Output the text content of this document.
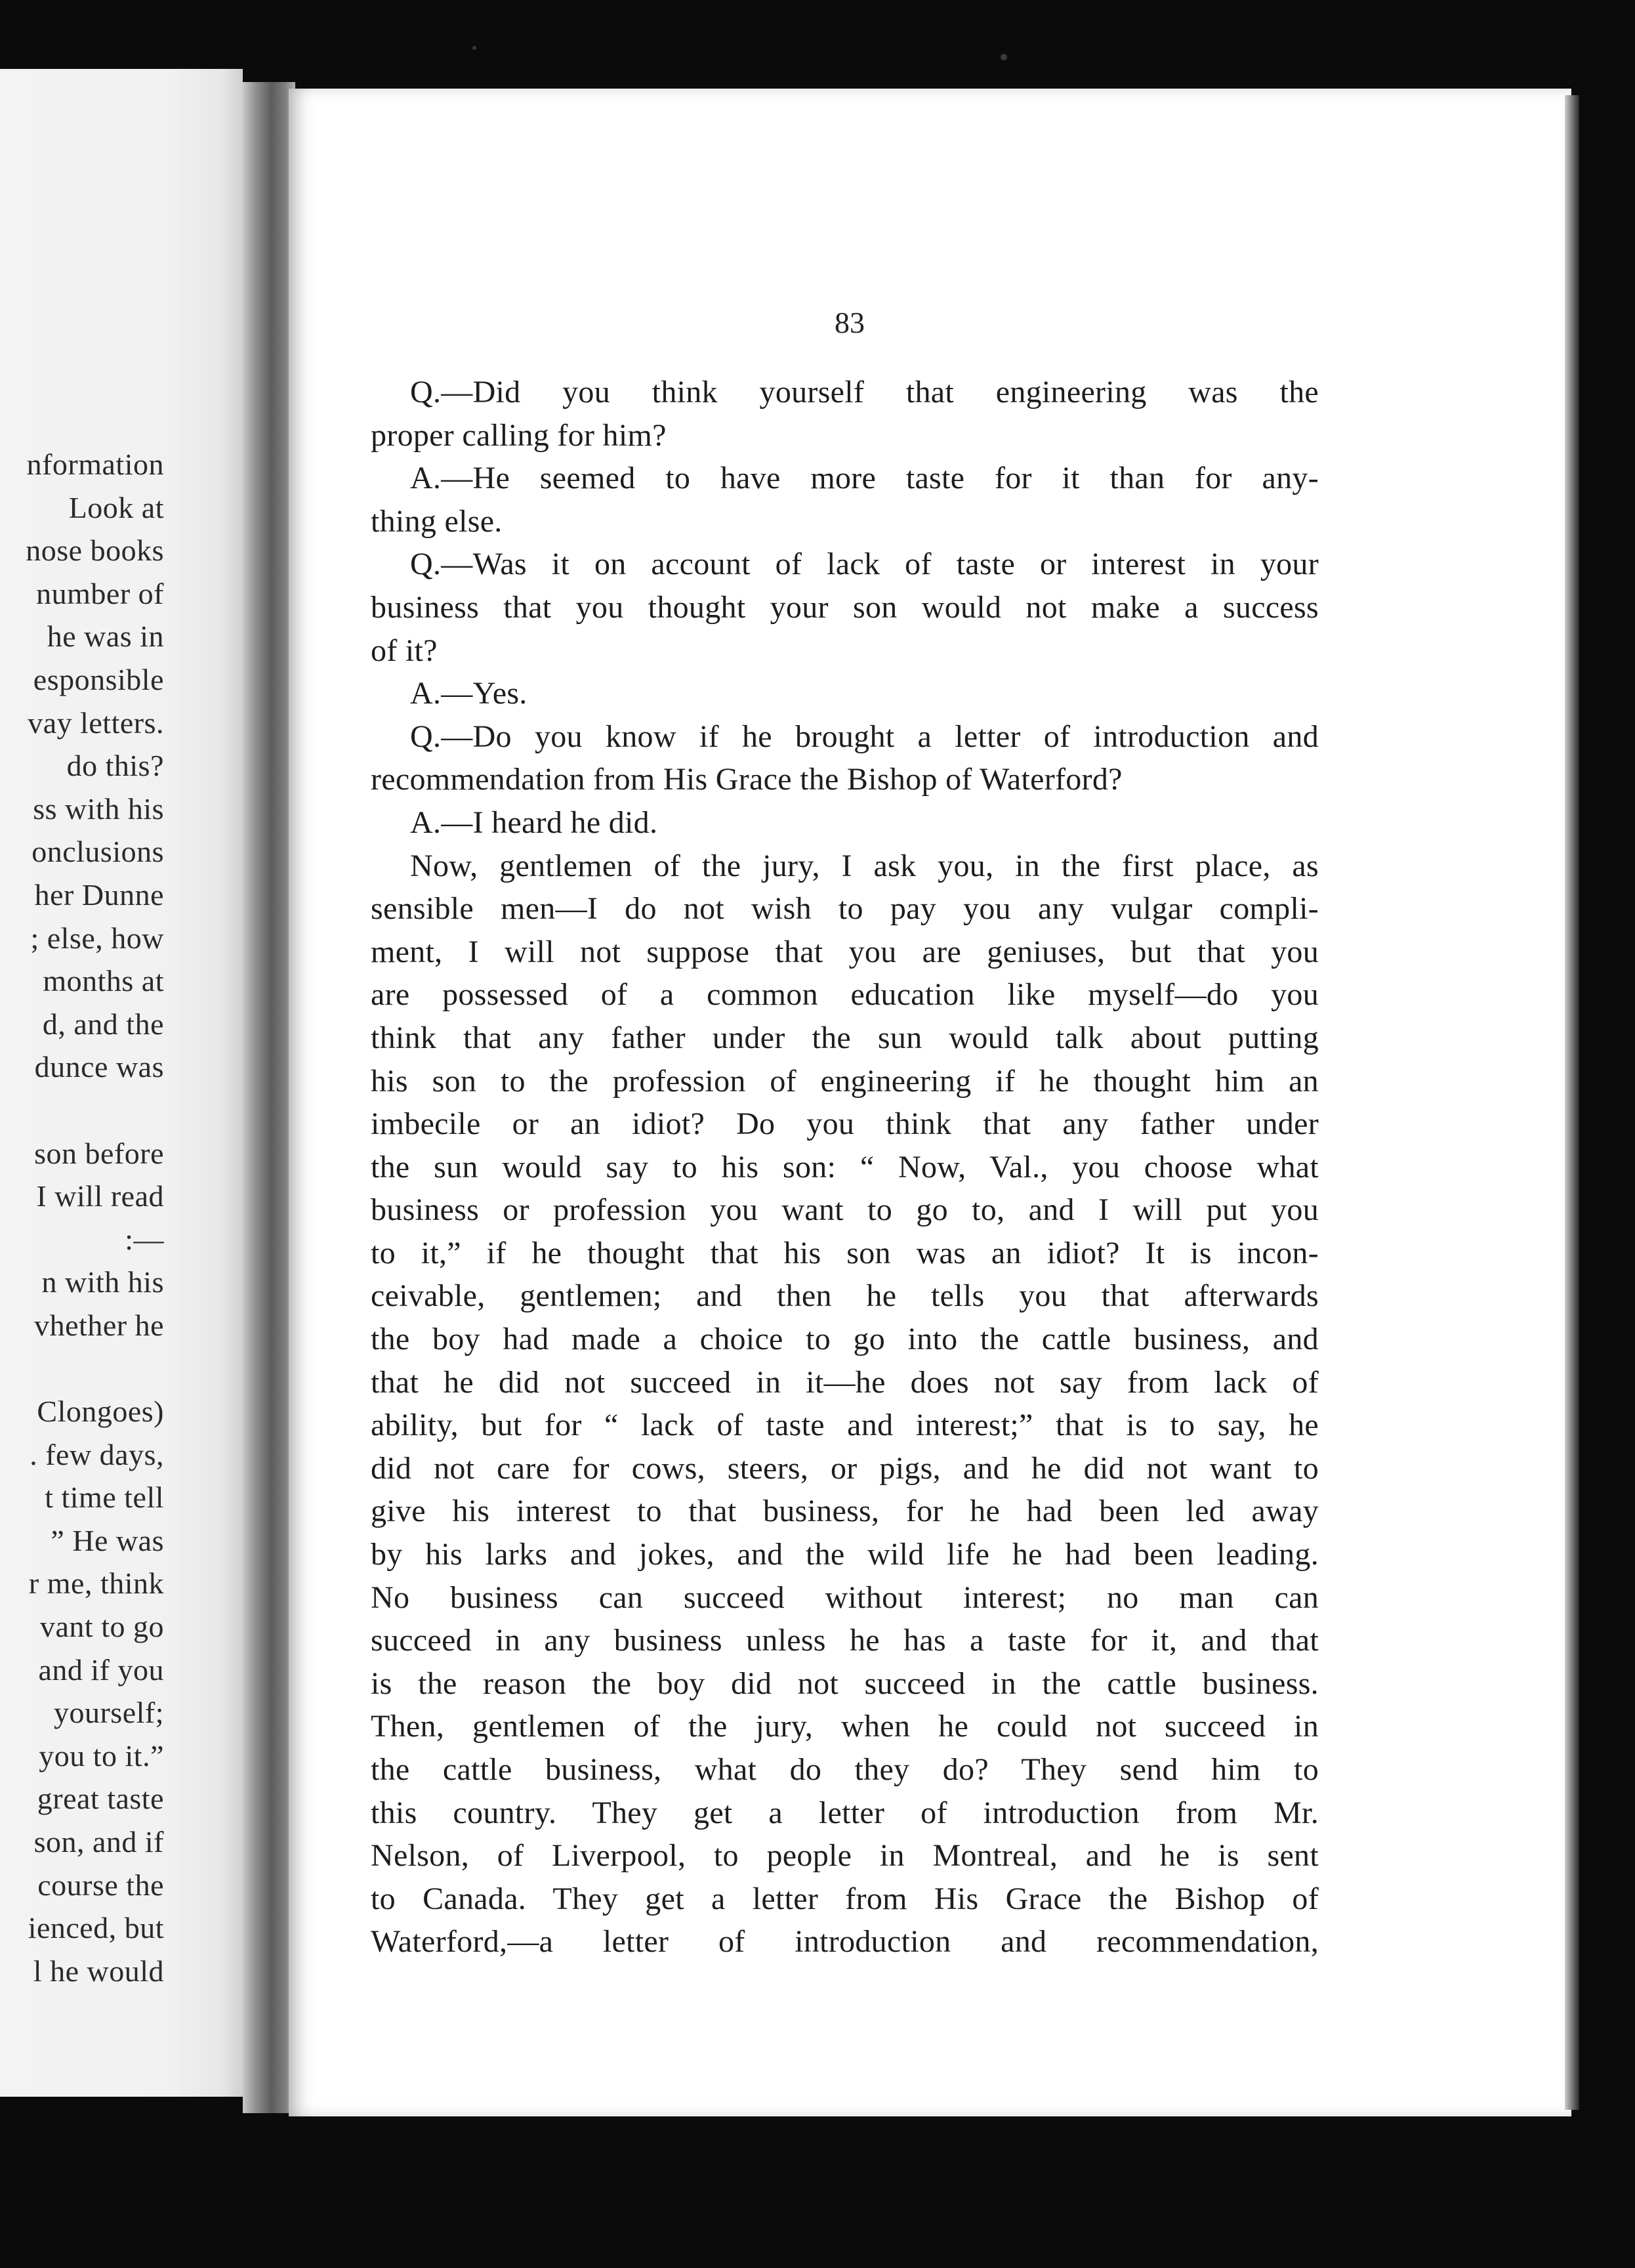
nformation
Look at
nose books
number of
he was in
esponsible
vay letters.
do this?
ss with his
onclusions
her Dunne
; else, how
months at
d, and the
dunce was
son before
I will read
:—
n with his
vhether he
Clongoes)
. few days,
t time tell
” He was
r me, think
vant to go
and if you
yourself;
you to it.”
great taste
son, and if
course the
ienced, but
l he would
83
Q.—Did you think yourself that engineering was the
proper calling for him?
A.—He seemed to have more taste for it than for any-
thing else.
Q.—Was it on account of lack of taste or interest in your
business that you thought your son would not make a success
of it?
A.—Yes.
Q.—Do you know if he brought a letter of introduction and
recommendation from His Grace the Bishop of Waterford?
A.—I heard he did.
Now, gentlemen of the jury, I ask you, in the first place, as
sensible men—I do not wish to pay you any vulgar compli-
ment, I will not suppose that you are geniuses, but that you
are possessed of a common education like myself—do you
think that any father under the sun would talk about putting
his son to the profession of engineering if he thought him an
imbecile or an idiot? Do you think that any father under
the sun would say to his son: “ Now, Val., you choose what
business or profession you want to go to, and I will put you
to it,” if he thought that his son was an idiot? It is incon-
ceivable, gentlemen; and then he tells you that afterwards
the boy had made a choice to go into the cattle business, and
that he did not succeed in it—he does not say from lack of
ability, but for “ lack of taste and interest;” that is to say, he
did not care for cows, steers, or pigs, and he did not want to
give his interest to that business, for he had been led away
by his larks and jokes, and the wild life he had been leading.
No business can succeed without interest; no man can
succeed in any business unless he has a taste for it, and that
is the reason the boy did not succeed in the cattle business.
Then, gentlemen of the jury, when he could not succeed in
the cattle business, what do they do? They send him to
this country. They get a letter of introduction from Mr.
Nelson, of Liverpool, to people in Montreal, and he is sent
to Canada. They get a letter from His Grace the Bishop of
Waterford,—a letter of introduction and recommendation,
